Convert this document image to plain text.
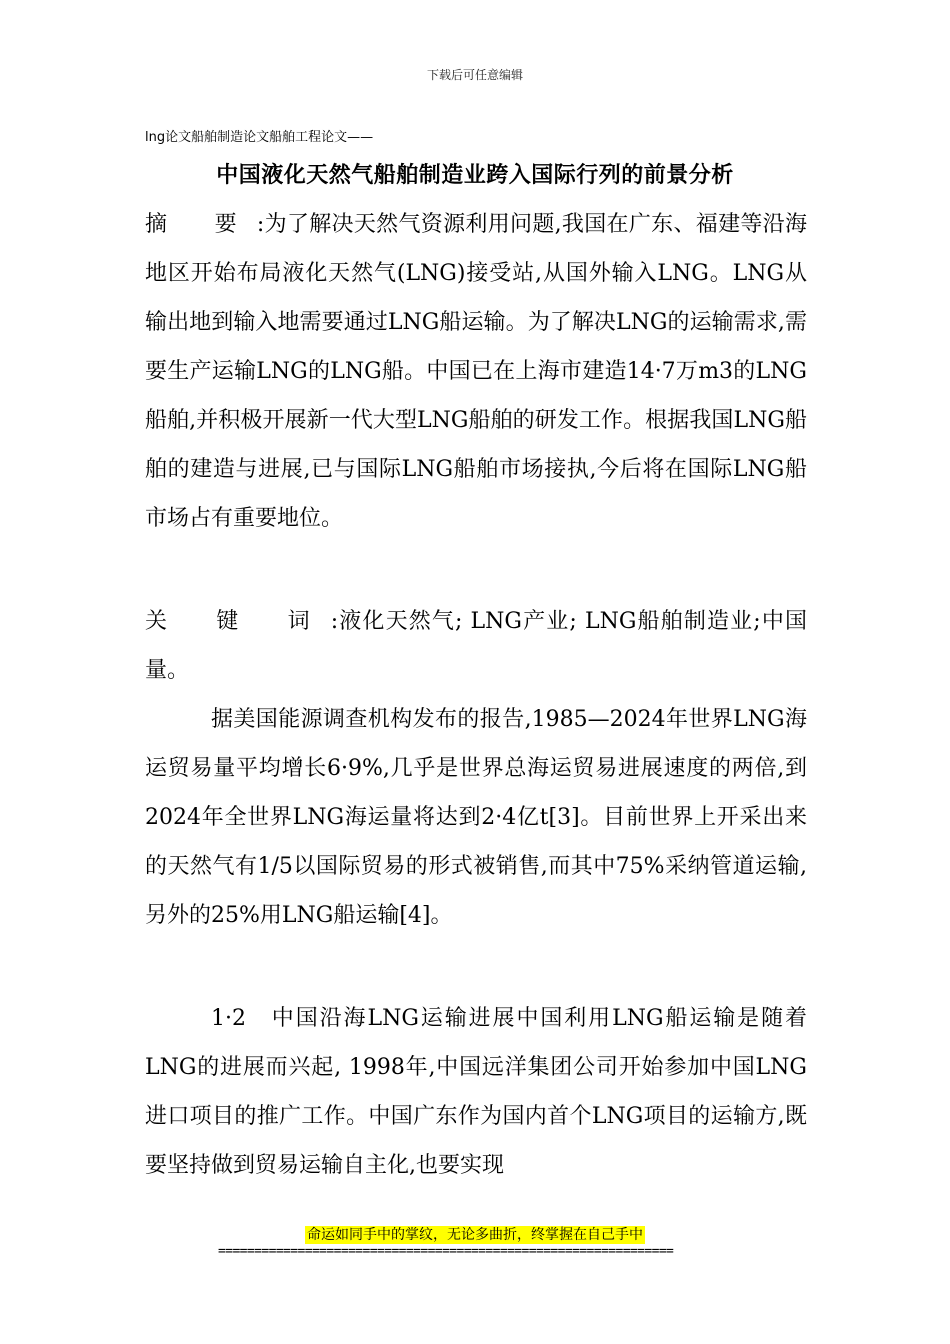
下载后可任意编辑
lng论文船舶制造论文船舶工程论文——
中国液化天然气船舶制造业跨入国际行列的前景分析
摘 要:为了解决天然气资源利用问题,我国在广东、福建等沿海地区开始布局液化天然气(LNG)接受站,从国外输入LNG。LNG从输出地到输入地需要通过LNG船运输。为了解决LNG的运输需求,需要生产运输LNG的LNG船。中国已在上海市建造14·7万m3的LNG船舶,并积极开展新一代大型LNG船舶的研发工作。根据我国LNG船舶的建造与进展,已与国际LNG船舶市场接执,今后将在国际LNG船市场占有重要地位。
关 键 词:液化天然气; LNG产业; LNG船舶制造业;中国量。
据美国能源调查机构发布的报告,1985—2024年世界LNG海运贸易量平均增长6·9%,几乎是世界总海运贸易进展速度的两倍,到2024年全世界LNG海运量将达到2·4亿t[3]。目前世界上开采出来的天然气有1/5以国际贸易的形式被销售,而其中75%采纳管道运输,另外的25%用LNG船运输[4]。
1·2　中国沿海LNG运输进展中国利用LNG船运输是随着LNG的进展而兴起, 1998年,中国远洋集团公司开始参加中国LNG进口项目的推广工作。中国广东作为国内首个LNG项目的运输方,既要坚持做到贸易运输自主化,也要实现
命运如同手中的掌纹，无论多曲折，终掌握在自己手中
===============================================================
